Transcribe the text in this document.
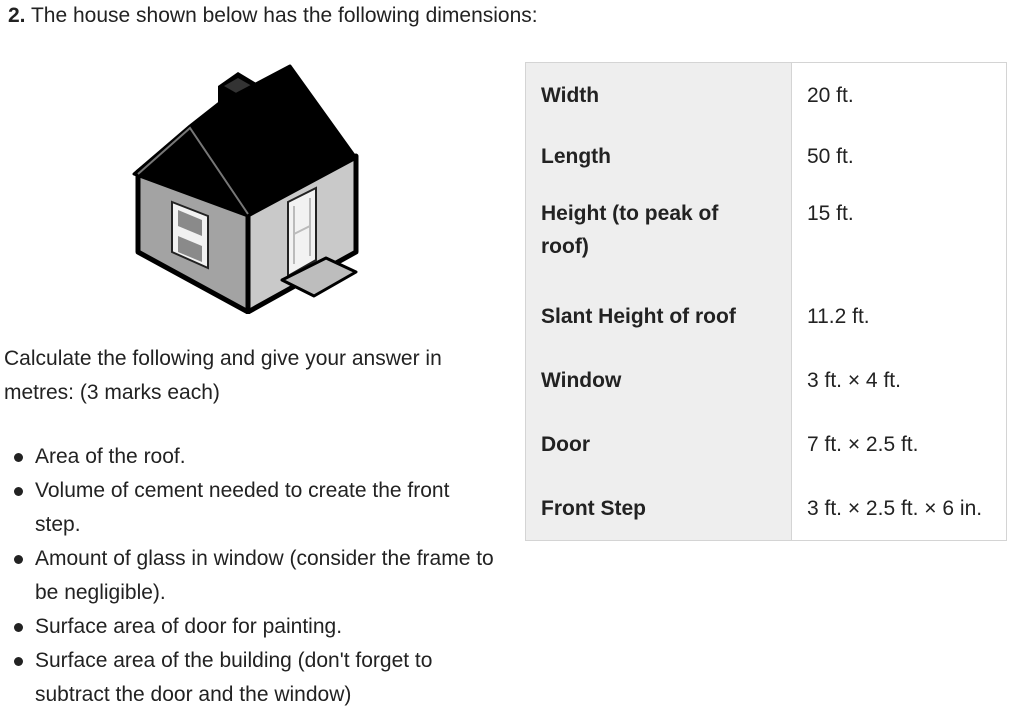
2. The house shown below has the following dimensions:
Calculate the following and give your answer in metres: (3 marks each)
Area of the roof.
Volume of cement needed to create the front step.
Amount of glass in window (consider the frame to be negligible).
Surface area of door for painting.
Surface area of the building (don't forget to subtract the door and the window)
Width	20 ft.
Length	50 ft.
Height (to peak of roof)	15 ft.
Slant Height of roof	11.2 ft.
Window	3 ft. × 4 ft.
Door	7 ft. × 2.5 ft.
Front Step	3 ft. × 2.5 ft. × 6 in.
